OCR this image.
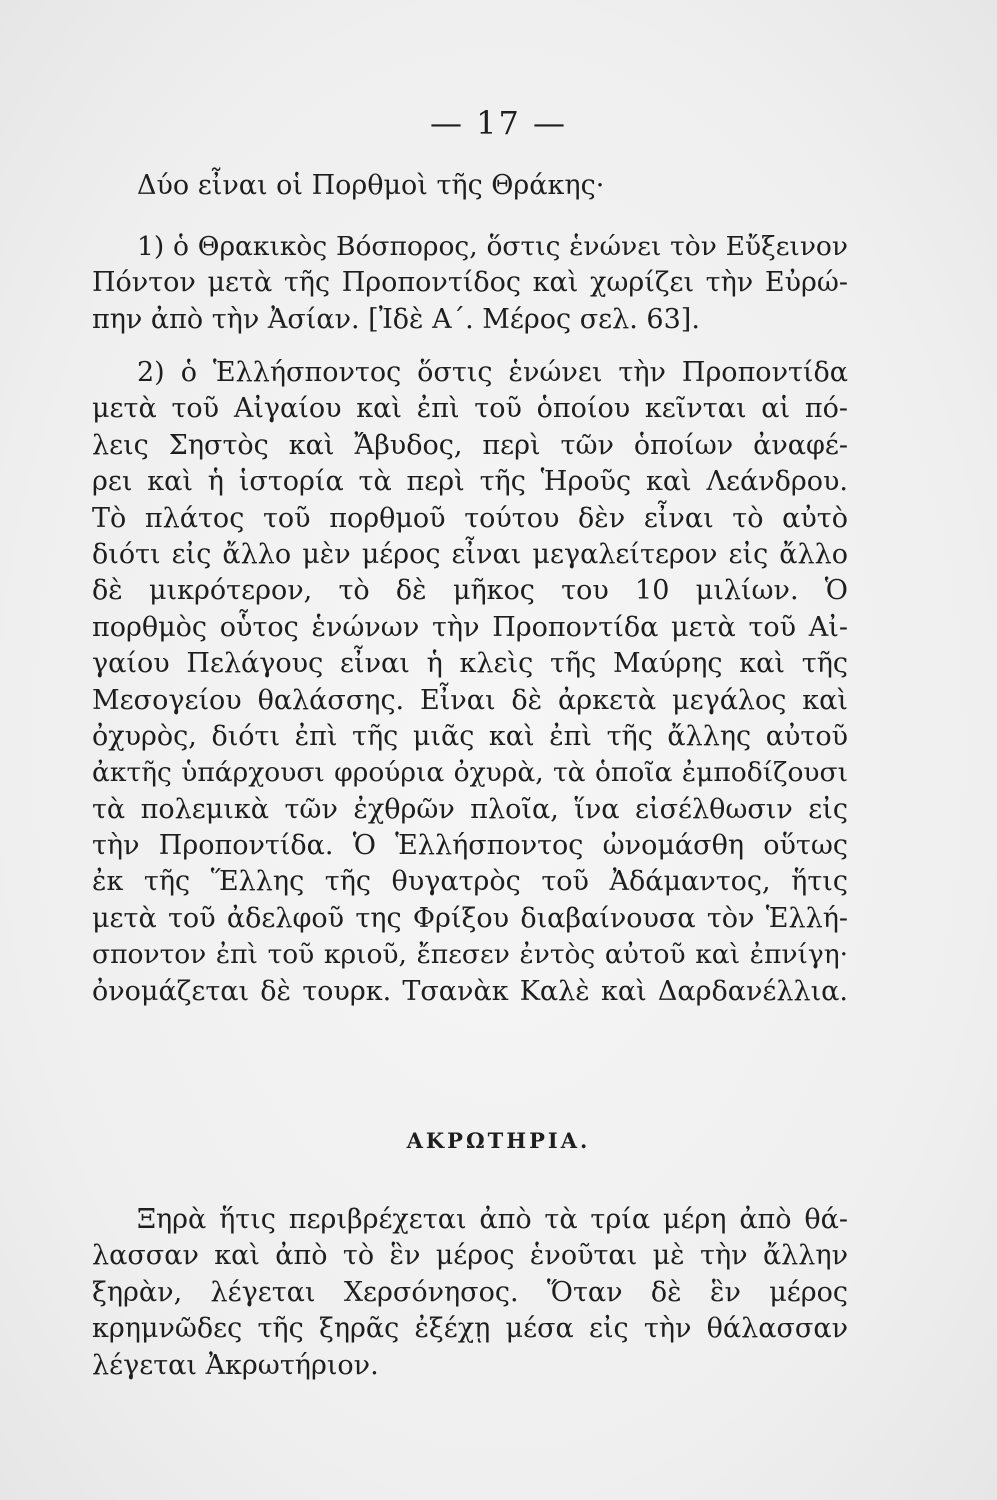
— 17 —
Δύο εἶναι οἱ Πορθμοὶ τῆς Θράκης·
1) ὁ Θρακικὸς Βόσπορος, ὅστις ἑνώνει τὸν Εὔξεινον
Πόντον μετὰ τῆς Προποντίδος καὶ χωρίζει τὴν Εὐρώ-
πην ἀπὸ τὴν Ἀσίαν. [Ἰδὲ Α΄. Μέρος σελ. 63].
2) ὁ Ἑλλήσποντος ὅστις ἑνώνει τὴν Προποντίδα
μετὰ τοῦ Αἰγαίου καὶ ἐπὶ τοῦ ὁποίου κεῖνται αἱ πό-
λεις Σηστὸς καὶ Ἄβυδος, περὶ τῶν ὁποίων ἀναφέ-
ρει καὶ ἡ ἱστορία τὰ περὶ τῆς Ἡροῦς καὶ Λεάνδρου.
Τὸ πλάτος τοῦ πορθμοῦ τούτου δὲν εἶναι τὸ αὐτὸ
διότι εἰς ἄλλο μὲν μέρος εἶναι μεγαλείτερον εἰς ἄλλο
δὲ μικρότερον, τὸ δὲ μῆκος του 10 μιλίων. Ὁ
πορθμὸς οὗτος ἑνώνων τὴν Προποντίδα μετὰ τοῦ Αἰ-
γαίου Πελάγους εἶναι ἡ κλεὶς τῆς Μαύρης καὶ τῆς
Μεσογείου θαλάσσης. Εἶναι δὲ ἀρκετὰ μεγάλος καὶ
ὀχυρὸς, διότι ἐπὶ τῆς μιᾶς καὶ ἐπὶ τῆς ἄλλης αὐτοῦ
ἀκτῆς ὑπάρχουσι φρούρια ὀχυρὰ, τὰ ὁποῖα ἐμποδίζουσι
τὰ πολεμικὰ τῶν ἐχθρῶν πλοῖα, ἵνα εἰσέλθωσιν εἰς
τὴν Προποντίδα. Ὁ Ἑλλήσποντος ὠνομάσθη οὕτως
ἐκ τῆς Ἕλλης τῆς θυγατρὸς τοῦ Ἀδάμαντος, ἥτις
μετὰ τοῦ ἀδελφοῦ της Φρίξου διαβαίνουσα τὸν Ἑλλή-
σποντον ἐπὶ τοῦ κριοῦ, ἔπεσεν ἐντὸς αὐτοῦ καὶ ἐπνίγη·
ὀνομάζεται δὲ τουρκ. Τσανὰκ Καλὲ καὶ Δαρδανέλλια.
ΑΚΡΩΤΗΡΙΑ.
Ξηρὰ ἥτις περιβρέχεται ἀπὸ τὰ τρία μέρη ἀπὸ θά-
λασσαν καὶ ἀπὸ τὸ ἓν μέρος ἑνοῦται μὲ τὴν ἄλλην
ξηρὰν, λέγεται Χερσόνησος. Ὅταν δὲ ἓν μέρος
κρημνῶδες τῆς ξηρᾶς ἐξέχῃ μέσα εἰς τὴν θάλασσαν
λέγεται Ἀκρωτήριον.
